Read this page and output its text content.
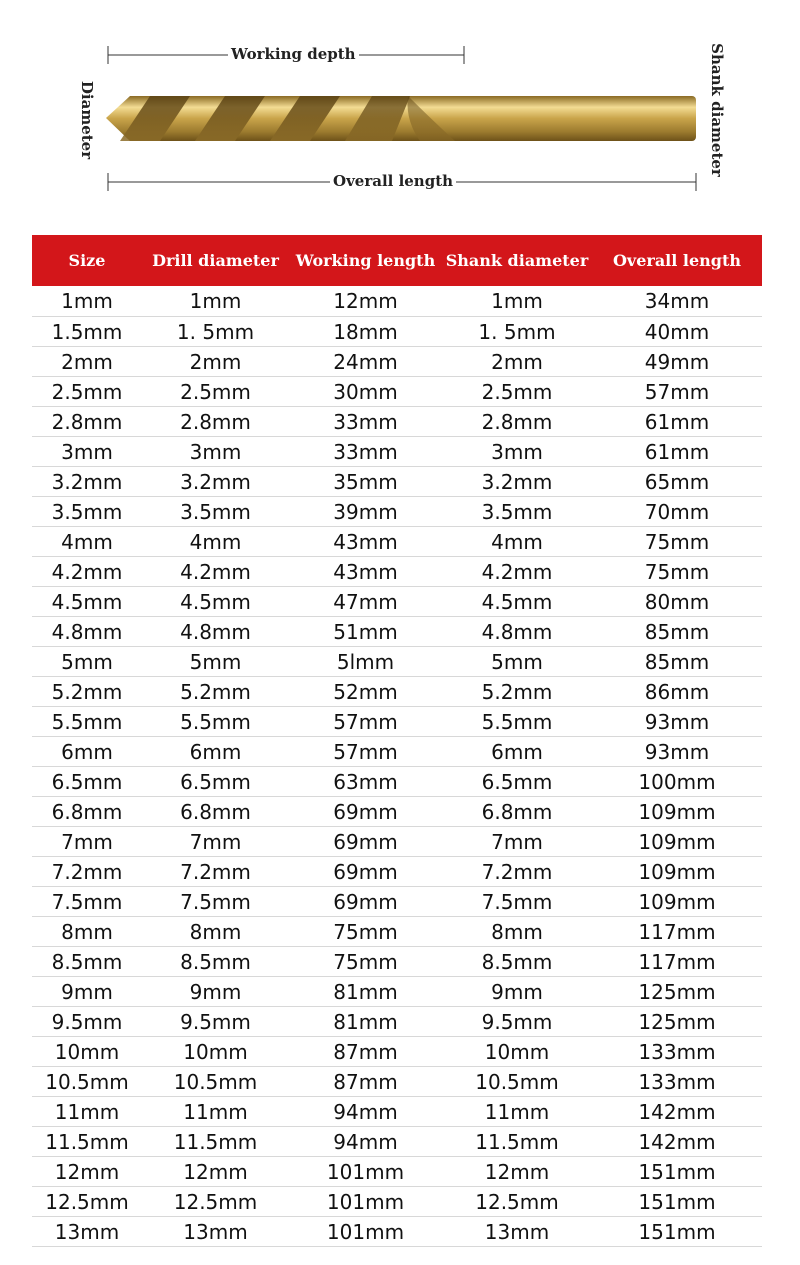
Working depth
Overall length
Diameter	Shank diameter
Size	Drill diameter	Working length	Shank diameter	Overall length
1mm	1mm	12mm	1mm	34mm
1.5mm	1. 5mm	18mm	1. 5mm	40mm
2mm	2mm	24mm	2mm	49mm
2.5mm	2.5mm	30mm	2.5mm	57mm
2.8mm	2.8mm	33mm	2.8mm	61mm
3mm	3mm	33mm	3mm	61mm
3.2mm	3.2mm	35mm	3.2mm	65mm
3.5mm	3.5mm	39mm	3.5mm	70mm
4mm	4mm	43mm	4mm	75mm
4.2mm	4.2mm	43mm	4.2mm	75mm
4.5mm	4.5mm	47mm	4.5mm	80mm
4.8mm	4.8mm	51mm	4.8mm	85mm
5mm	5mm	5lmm	5mm	85mm
5.2mm	5.2mm	52mm	5.2mm	86mm
5.5mm	5.5mm	57mm	5.5mm	93mm
6mm	6mm	57mm	6mm	93mm
6.5mm	6.5mm	63mm	6.5mm	100mm
6.8mm	6.8mm	69mm	6.8mm	109mm
7mm	7mm	69mm	7mm	109mm
7.2mm	7.2mm	69mm	7.2mm	109mm
7.5mm	7.5mm	69mm	7.5mm	109mm
8mm	8mm	75mm	8mm	117mm
8.5mm	8.5mm	75mm	8.5mm	117mm
9mm	9mm	81mm	9mm	125mm
9.5mm	9.5mm	81mm	9.5mm	125mm
10mm	10mm	87mm	10mm	133mm
10.5mm	10.5mm	87mm	10.5mm	133mm
11mm	11mm	94mm	11mm	142mm
11.5mm	11.5mm	94mm	11.5mm	142mm
12mm	12mm	101mm	12mm	151mm
12.5mm	12.5mm	101mm	12.5mm	151mm
13mm	13mm	101mm	13mm	151mm
